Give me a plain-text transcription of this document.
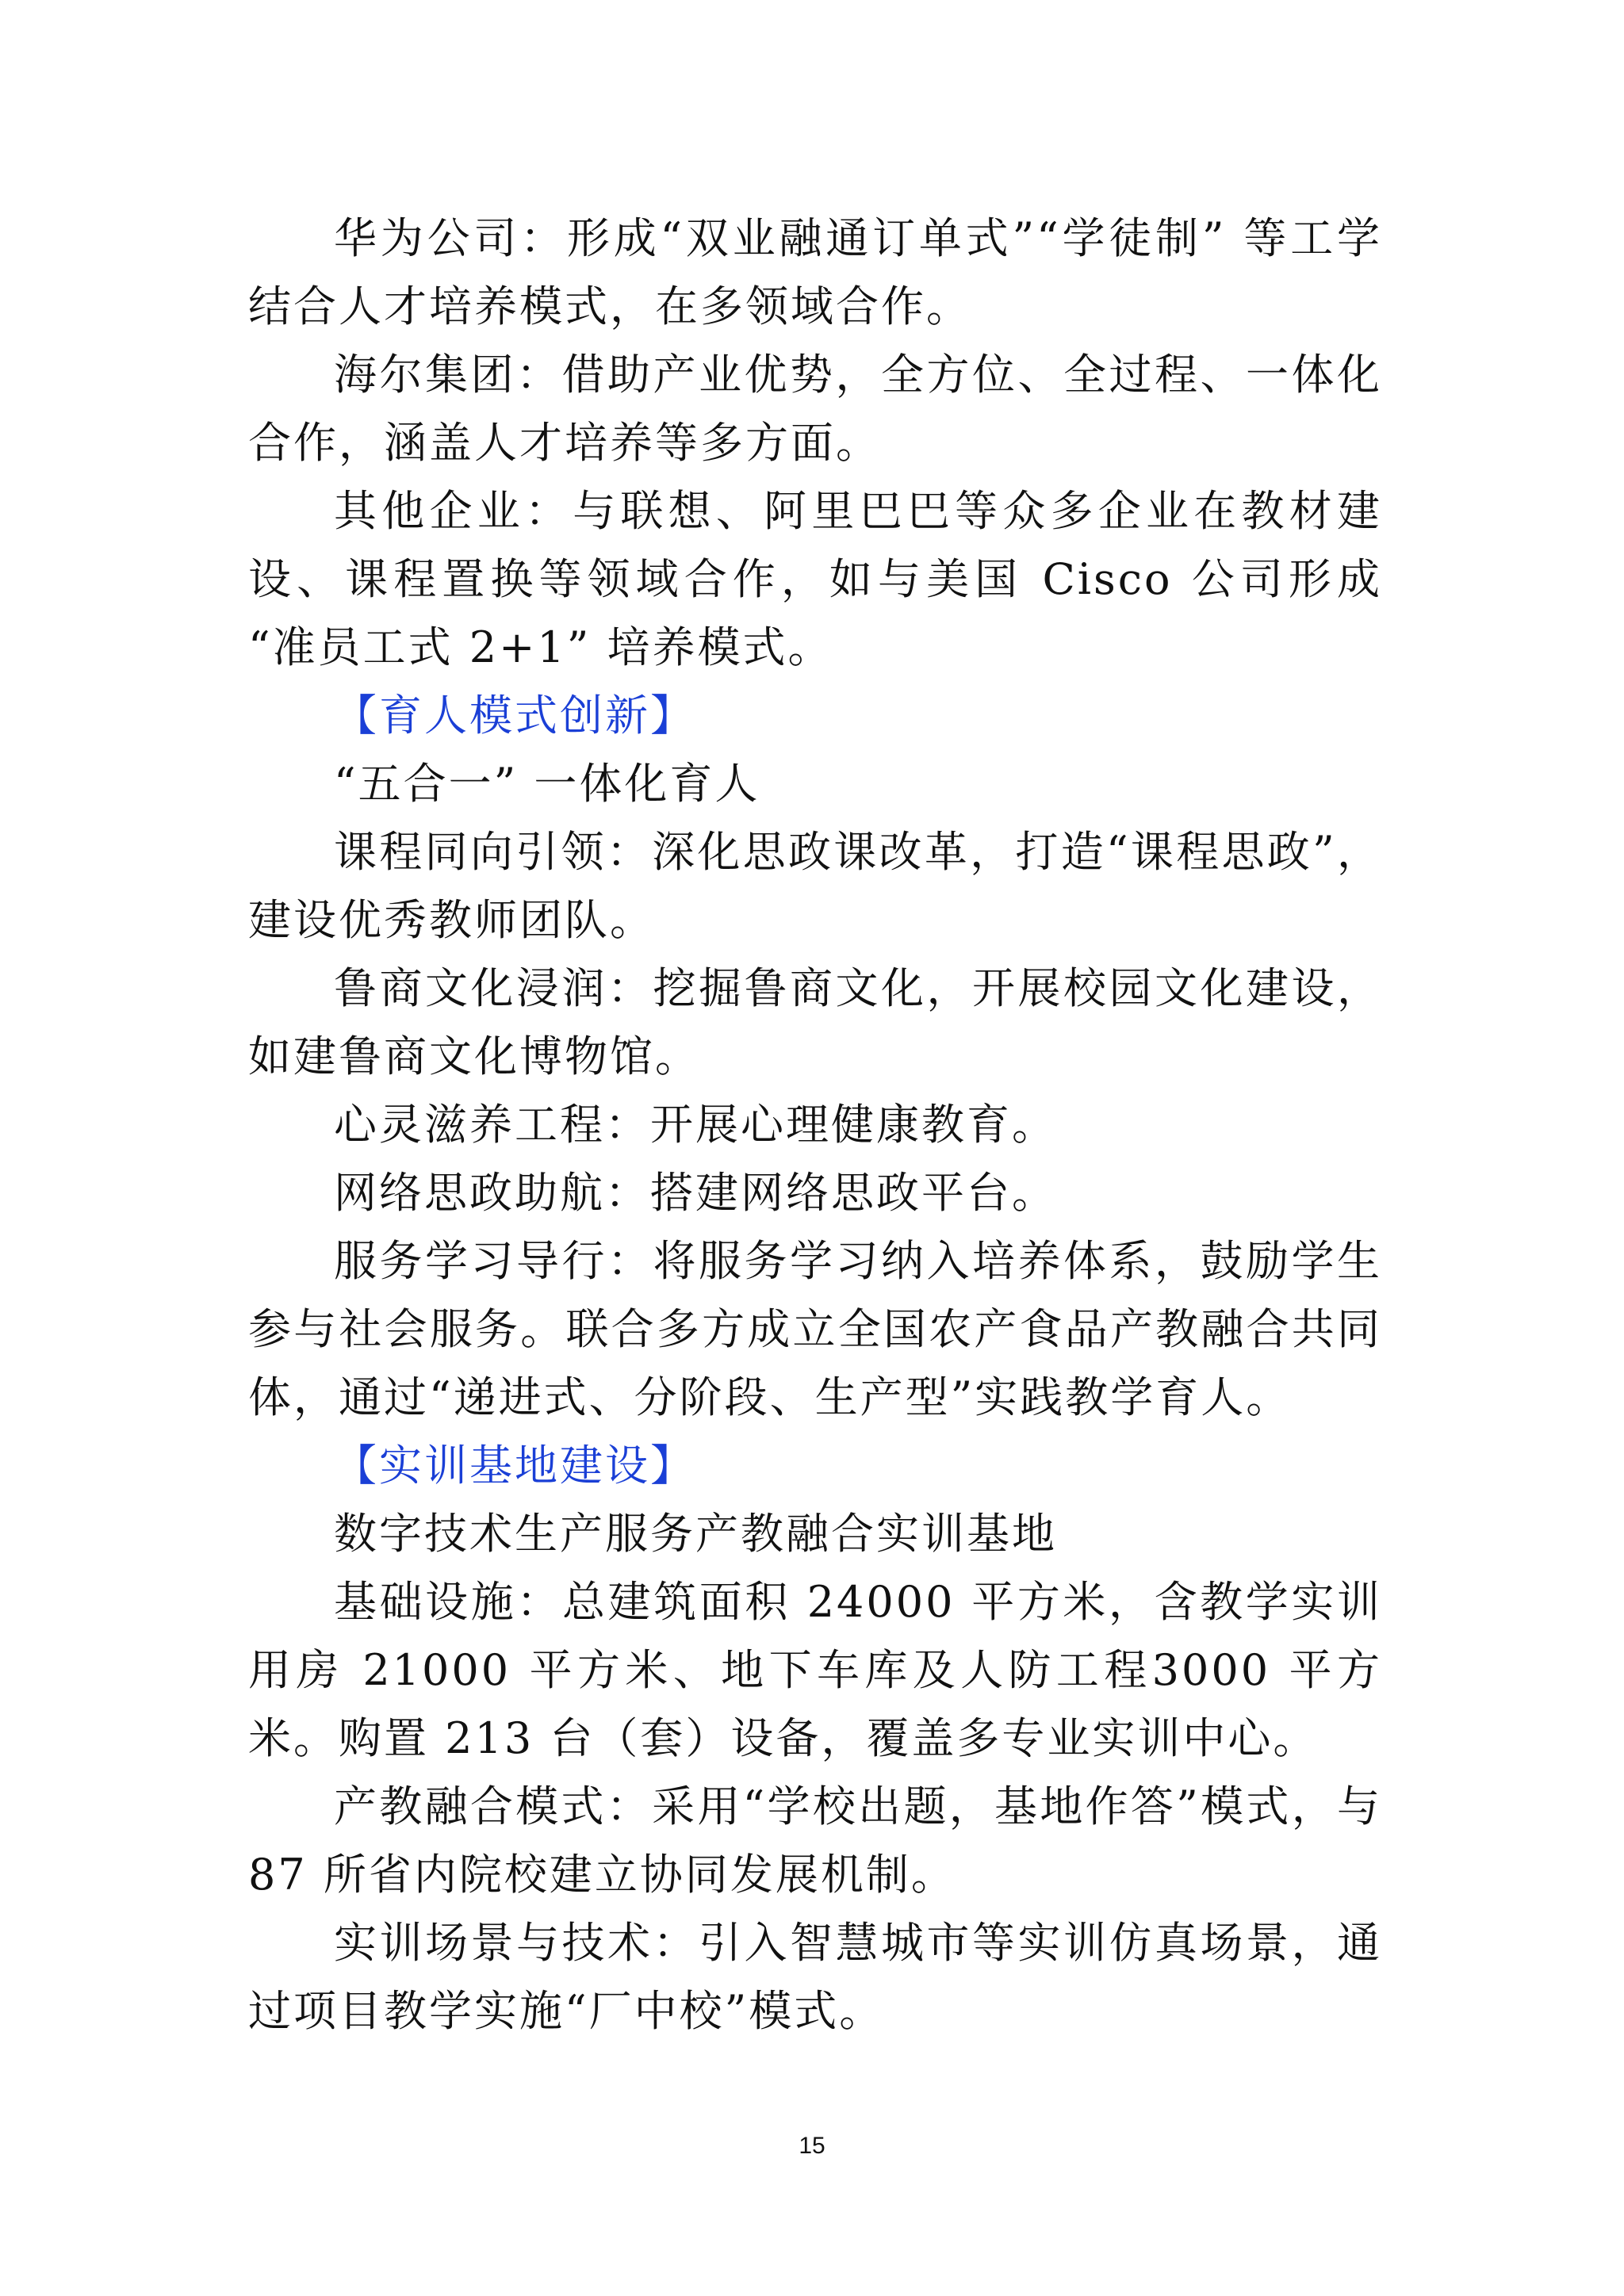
华为公司：形成“双业融通订单式”“学徒制” 等工学结合人才培养模式，在多领域合作。

海尔集团：借助产业优势，全方位、全过程、一体化合作，涵盖人才培养等多方面。

其他企业：与联想、阿里巴巴等众多企业在教材建设、课程置换等领域合作，如与美国 Cisco 公司形成 “准员工式 2+1” 培养模式。

【育人模式创新】

“五合一” 一体化育人

课程同向引领：深化思政课改革，打造“课程思政”，建设优秀教师团队。

鲁商文化浸润：挖掘鲁商文化，开展校园文化建设，如建鲁商文化博物馆。

心灵滋养工程：开展心理健康教育。

网络思政助航：搭建网络思政平台。

服务学习导行：将服务学习纳入培养体系，鼓励学生参与社会服务。联合多方成立全国农产食品产教融合共同体，通过“递进式、分阶段、生产型”实践教学育人。

【实训基地建设】

数字技术生产服务产教融合实训基地

基础设施：总建筑面积 24000 平方米，含教学实训用房 21000 平方米、地下车库及人防工程3000 平方米。购置 213 台（套）设备，覆盖多专业实训中心。

产教融合模式：采用“学校出题，基地作答”模式，与 87 所省内院校建立协同发展机制。

实训场景与技术：引入智慧城市等实训仿真场景，通过项目教学实施“厂中校”模式。

15
